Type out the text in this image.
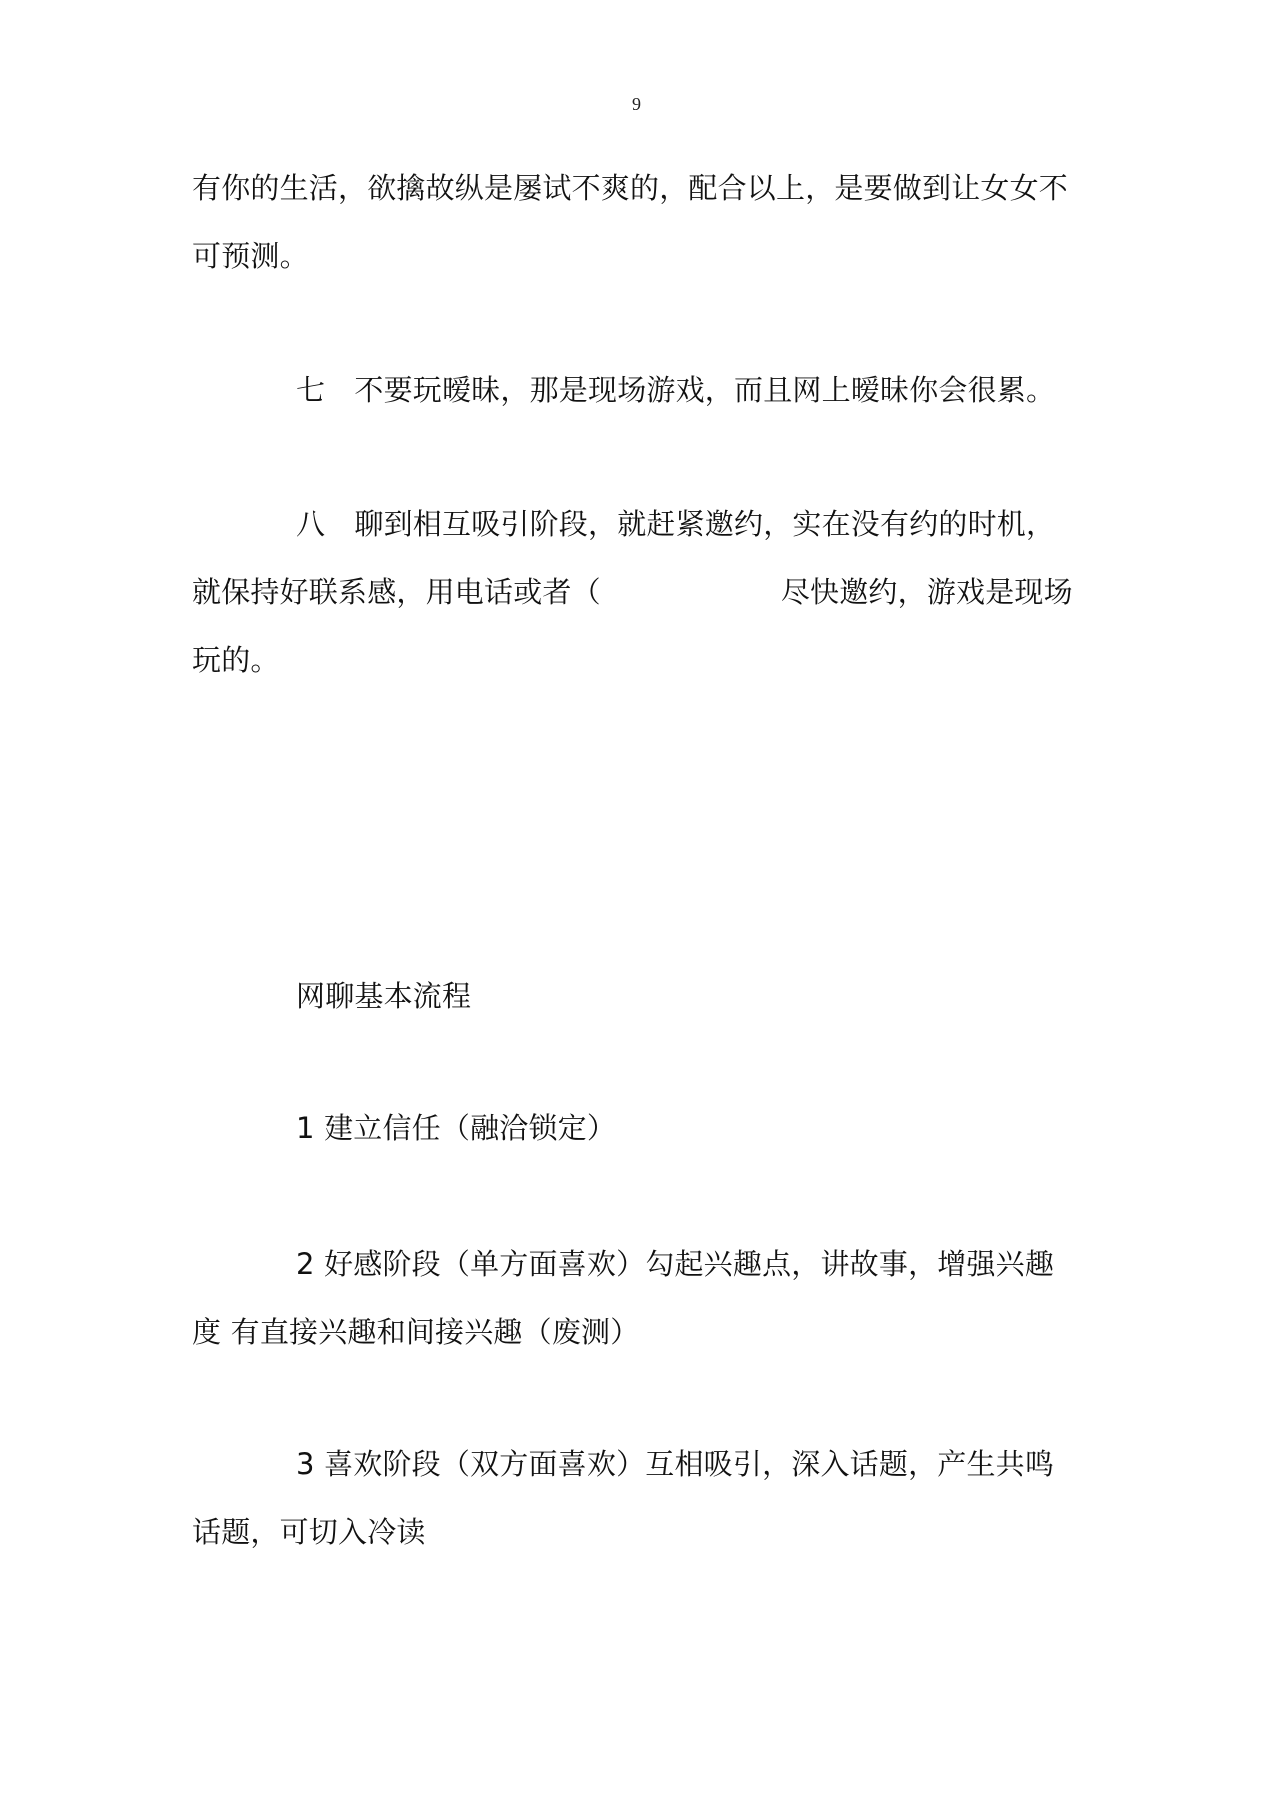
9
有你的生活，欲擒故纵是屡试不爽的，配合以上，是要做到让女女不
可预测。
七　不要玩暧昧，那是现场游戏，而且网上暧昧你会很累。
八　聊到相互吸引阶段，就赶紧邀约，实在没有约的时机，
就保持好联系感，用电话或者（	尽快邀约，游戏是现场
玩的。
网聊基本流程
1 建立信任（融洽锁定）
2 好感阶段（单方面喜欢）勾起兴趣点，讲故事，增强兴趣
度 有直接兴趣和间接兴趣（废测）
3 喜欢阶段（双方面喜欢）互相吸引，深入话题，产生共鸣
话题，可切入冷读
